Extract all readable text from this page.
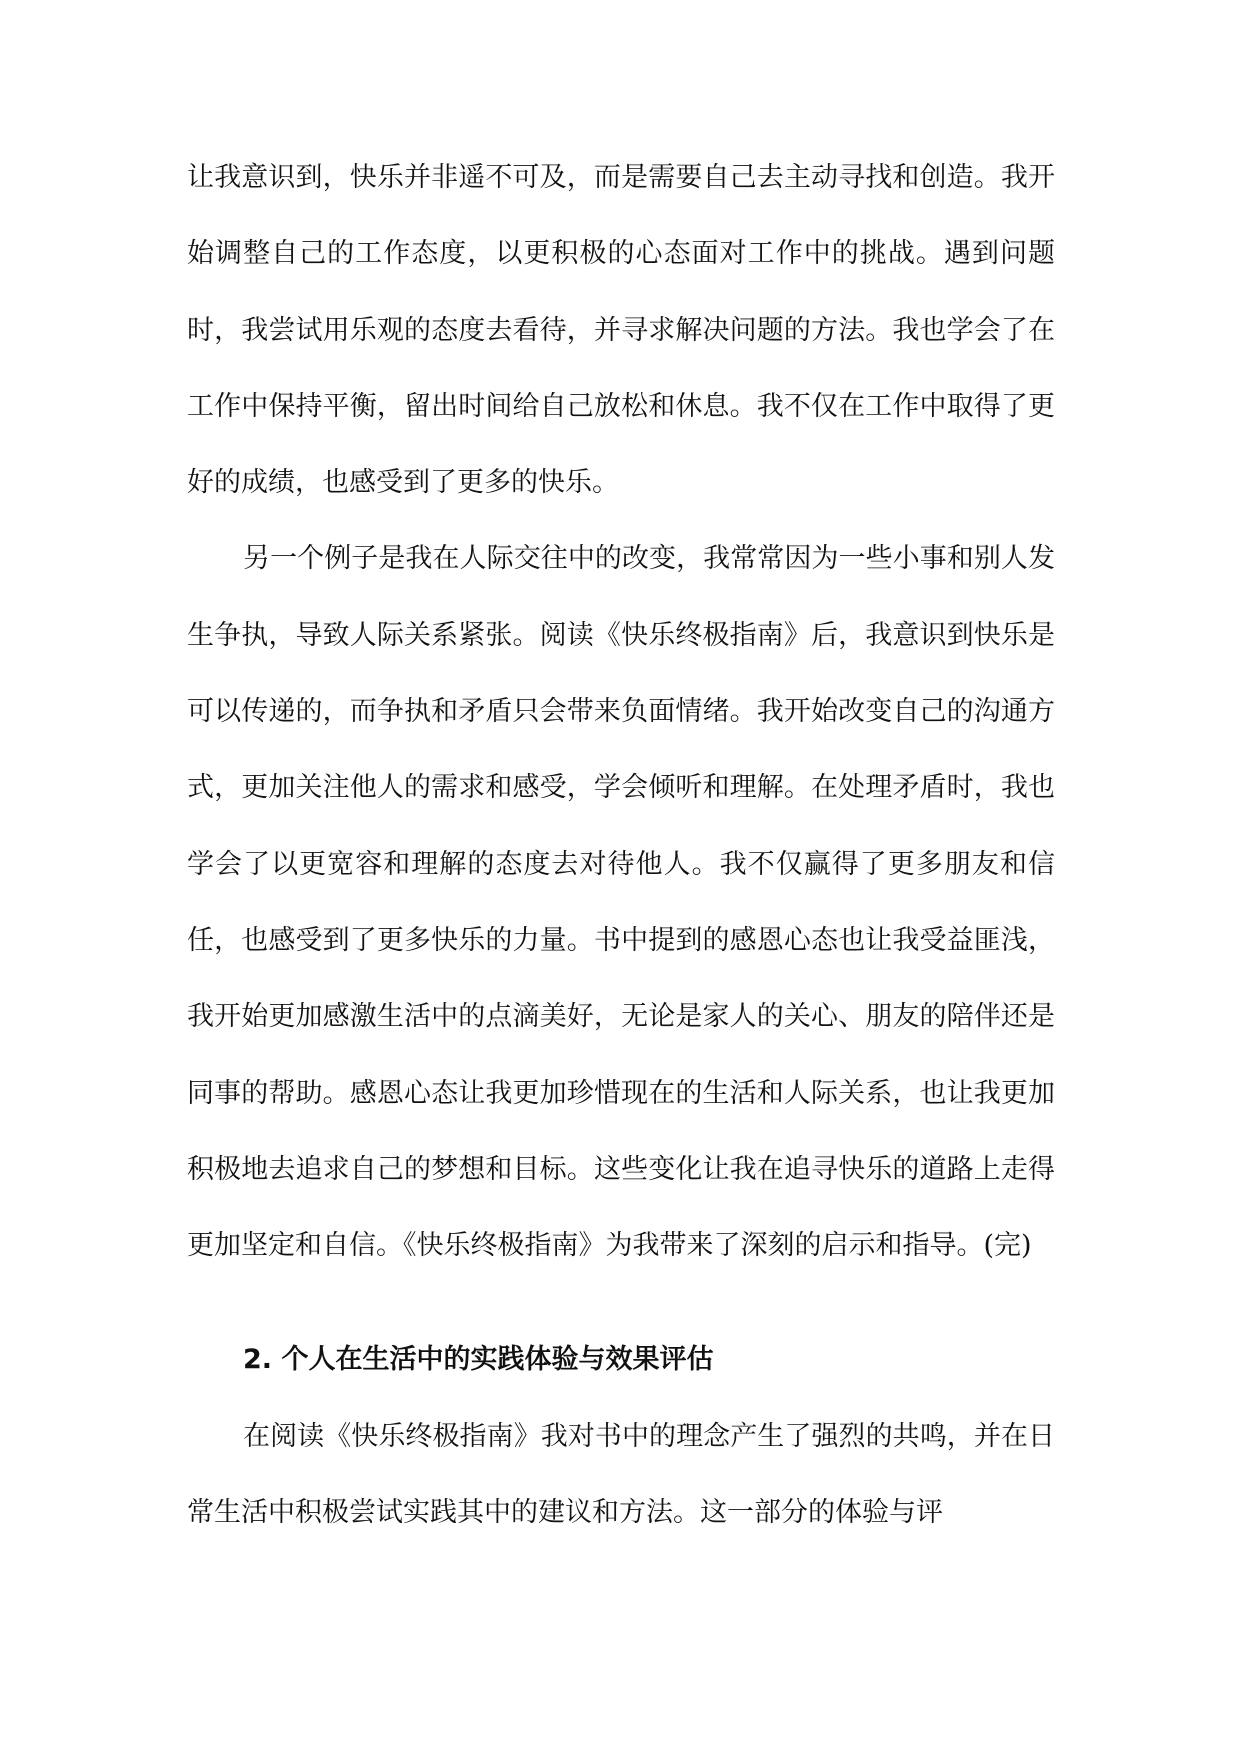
让我意识到，快乐并非遥不可及，而是需要自己去主动寻找和创造。我开始调整自己的工作态度，以更积极的心态面对工作中的挑战。遇到问题时，我尝试用乐观的态度去看待，并寻求解决问题的方法。我也学会了在工作中保持平衡，留出时间给自己放松和休息。我不仅在工作中取得了更好的成绩，也感受到了更多的快乐。

另一个例子是我在人际交往中的改变，我常常因为一些小事和别人发生争执，导致人际关系紧张。阅读《快乐终极指南》后，我意识到快乐是可以传递的，而争执和矛盾只会带来负面情绪。我开始改变自己的沟通方式，更加关注他人的需求和感受，学会倾听和理解。在处理矛盾时，我也学会了以更宽容和理解的态度去对待他人。我不仅赢得了更多朋友和信任，也感受到了更多快乐的力量。书中提到的感恩心态也让我受益匪浅，我开始更加感激生活中的点滴美好，无论是家人的关心、朋友的陪伴还是同事的帮助。感恩心态让我更加珍惜现在的生活和人际关系，也让我更加积极地去追求自己的梦想和目标。这些变化让我在追寻快乐的道路上走得更加坚定和自信。《快乐终极指南》为我带来了深刻的启示和指导。(完)

2. 个人在生活中的实践体验与效果评估

在阅读《快乐终极指南》我对书中的理念产生了强烈的共鸣，并在日常生活中积极尝试实践其中的建议和方法。这一部分的体验与评
